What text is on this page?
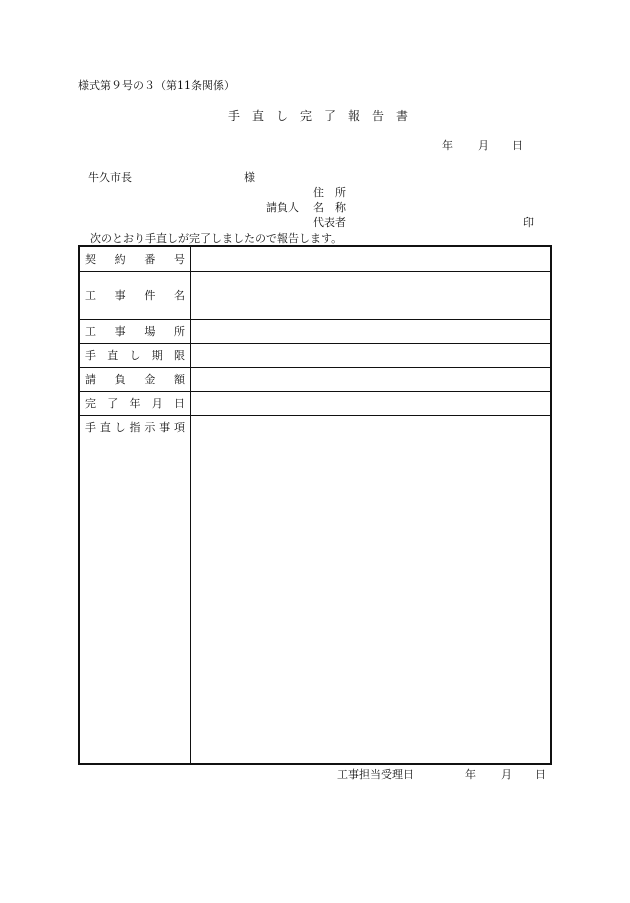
様式第９号の３（第11条関係）
手直し完了報告書
年 月 日
牛久市長	様
住　所
請負人 名　称
代表者	印
次のとおり手直しが完了しましたので報告します。
契約番号	

工事件名	

工事場所	

手直し期限	

請負金額	

完了年月日	

手直し指示事項	

工事担当受理日	年 月 日
